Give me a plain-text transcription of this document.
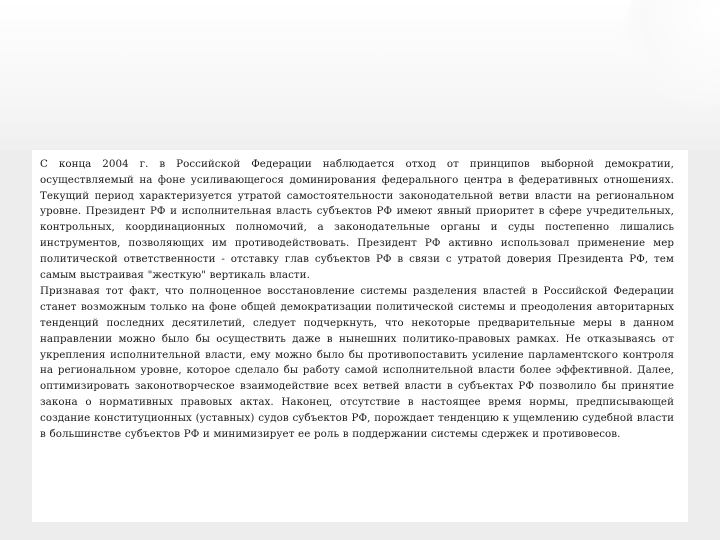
С конца 2004 г. в Российской Федерации наблюдается отход от принципов выборной демократии, осуществляемый на фоне усиливающегося доминирования федерального центра в федеративных отношениях. Текущий период характеризуется утратой самостоятельности законодательной ветви власти на региональном уровне. Президент РФ и исполнительная власть субъектов РФ имеют явный приоритет в сфере учредительных, контрольных, координационных полномочий, а законодательные органы и суды постепенно лишались инструментов, позволяющих им противодействовать. Президент РФ активно использовал применение мер политической ответственности - отставку глав субъектов РФ в связи с утратой доверия Президента РФ, тем самым выстраивая "жесткую" вертикаль власти.

Признавая тот факт, что полноценное восстановление системы разделения властей в Российской Федерации станет возможным только на фоне общей демократизации политической системы и преодоления авторитарных тенденций последних десятилетий, следует подчеркнуть, что некоторые предварительные меры в данном направлении можно было бы осуществить даже в нынешних политико-правовых рамках. Не отказываясь от укрепления исполнительной власти, ему можно было бы противопоставить усиление парламентского контроля на региональном уровне, которое сделало бы работу самой исполнительной власти более эффективной. Далее, оптимизировать законотворческое взаимодействие всех ветвей власти в субъектах РФ позволило бы принятие закона о нормативных правовых актах. Наконец, отсутствие в настоящее время нормы, предписывающей создание конституционных (уставных) судов субъектов РФ, порождает тенденцию к ущемлению судебной власти в большинстве субъектов РФ и минимизирует ее роль в поддержании системы сдержек и противовесов.
